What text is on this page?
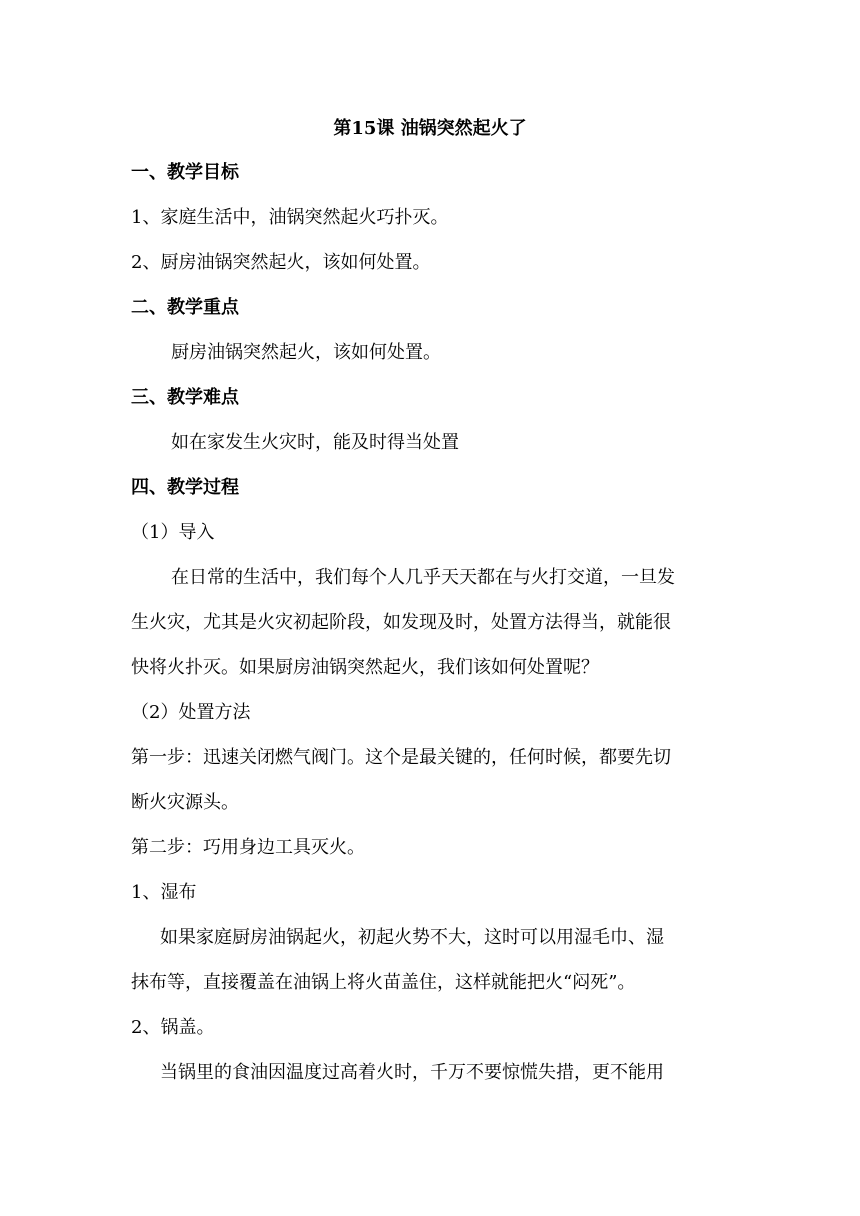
第15课 油锅突然起火了

一、教学目标

1、家庭生活中，油锅突然起火巧扑灭。

2、厨房油锅突然起火，该如何处置。

二、教学重点

厨房油锅突然起火，该如何处置。

三、教学难点

如在家发生火灾时，能及时得当处置

四、教学过程

（1）导入

在日常的生活中，我们每个人几乎天天都在与火打交道，一旦发

生火灾，尤其是火灾初起阶段，如发现及时，处置方法得当，就能很

快将火扑灭。如果厨房油锅突然起火，我们该如何处置呢？

（2）处置方法

第一步：迅速关闭燃气阀门。这个是最关键的，任何时候，都要先切

断火灾源头。

第二步：巧用身边工具灭火。

1、湿布

如果家庭厨房油锅起火，初起火势不大，这时可以用湿毛巾、湿

抹布等，直接覆盖在油锅上将火苗盖住，这样就能把火“闷死”。

2、锅盖。

当锅里的食油因温度过高着火时，千万不要惊慌失措，更不能用
